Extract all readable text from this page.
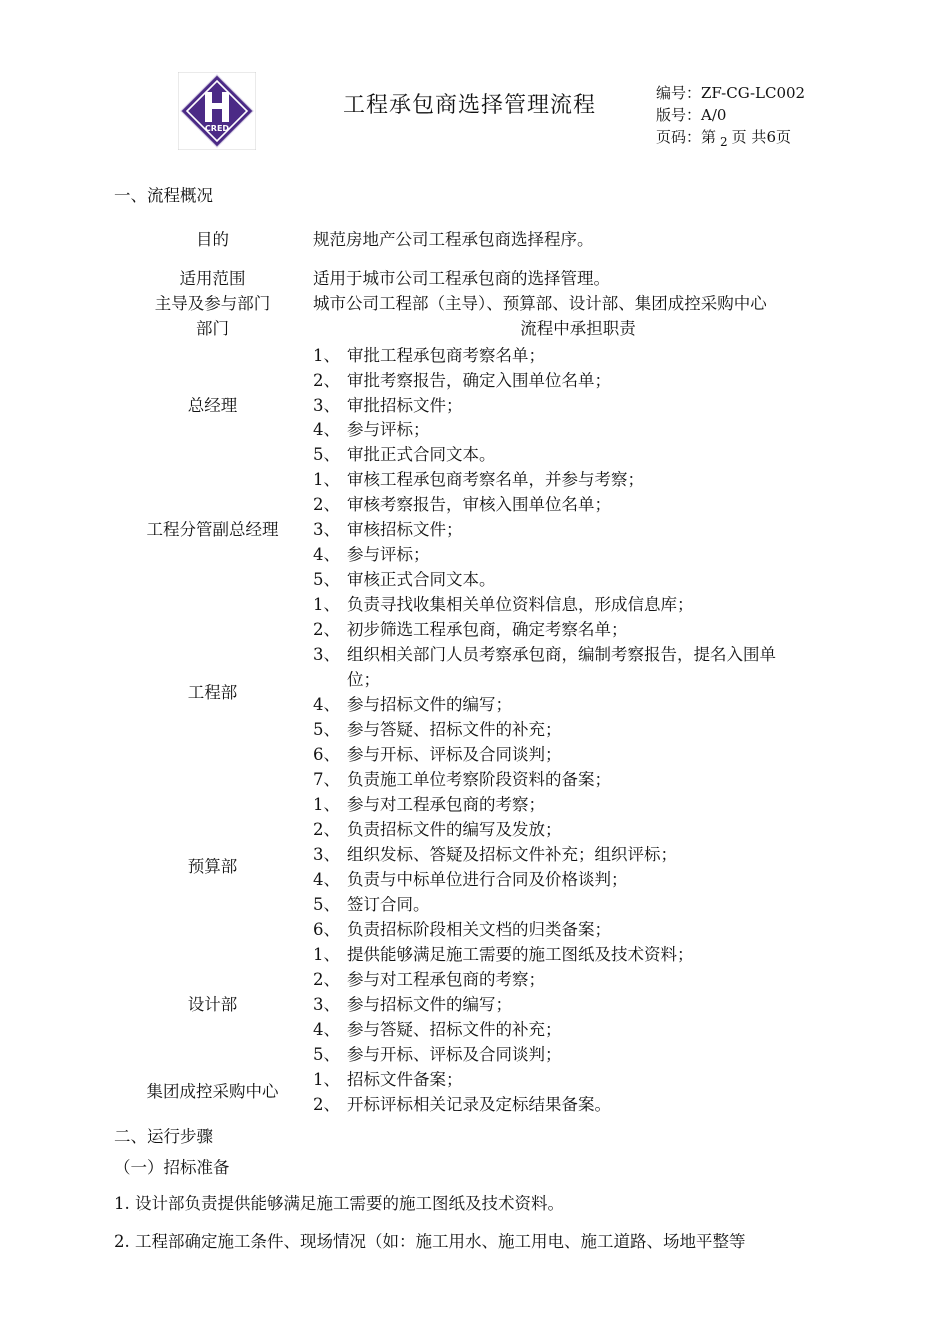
CRED
工程承包商选择管理流程	编号：ZF-CG-LC002
版号：A/0
页码：第 $_2$ 页 共6页
一、流程概况
目的	规范房地产公司工程承包商选择程序。
适用范围	适用于城市公司工程承包商的选择管理。
主导及参与部门	城市公司工程部（主导）、预算部、设计部、集团成控采购中心
部门	流程中承担职责
总经理
1、 审批工程承包商考察名单；
2、 审批考察报告，确定入围单位名单；
3、 审批招标文件；
4、 参与评标；
5、 审批正式合同文本。
工程分管副总经理
1、 审核工程承包商考察名单，并参与考察；
2、 审核考察报告，审核入围单位名单；
3、 审核招标文件；
4、 参与评标；
5、 审核正式合同文本。
工程部
1、 负责寻找收集相关单位资料信息，形成信息库；
2、 初步筛选工程承包商，确定考察名单；
3、 组织相关部门人员考察承包商，编制考察报告，提名入围单
位；
4、 参与招标文件的编写；
5、 参与答疑、招标文件的补充；
6、 参与开标、评标及合同谈判；
7、 负责施工单位考察阶段资料的备案；
预算部
1、 参与对工程承包商的考察；
2、 负责招标文件的编写及发放；
3、 组织发标、答疑及招标文件补充；组织评标；
4、 负责与中标单位进行合同及价格谈判；
5、 签订合同。
6、 负责招标阶段相关文档的归类备案；
设计部
1、 提供能够满足施工需要的施工图纸及技术资料；
2、 参与对工程承包商的考察；
3、 参与招标文件的编写；
4、 参与答疑、招标文件的补充；
5、 参与开标、评标及合同谈判；
集团成控采购中心
1、 招标文件备案；
2、 开标评标相关记录及定标结果备案。
二、运行步骤
（一）招标准备
1. 设计部负责提供能够满足施工需要的施工图纸及技术资料。
2. 工程部确定施工条件、现场情况（如：施工用水、施工用电、施工道路、场地平整等
